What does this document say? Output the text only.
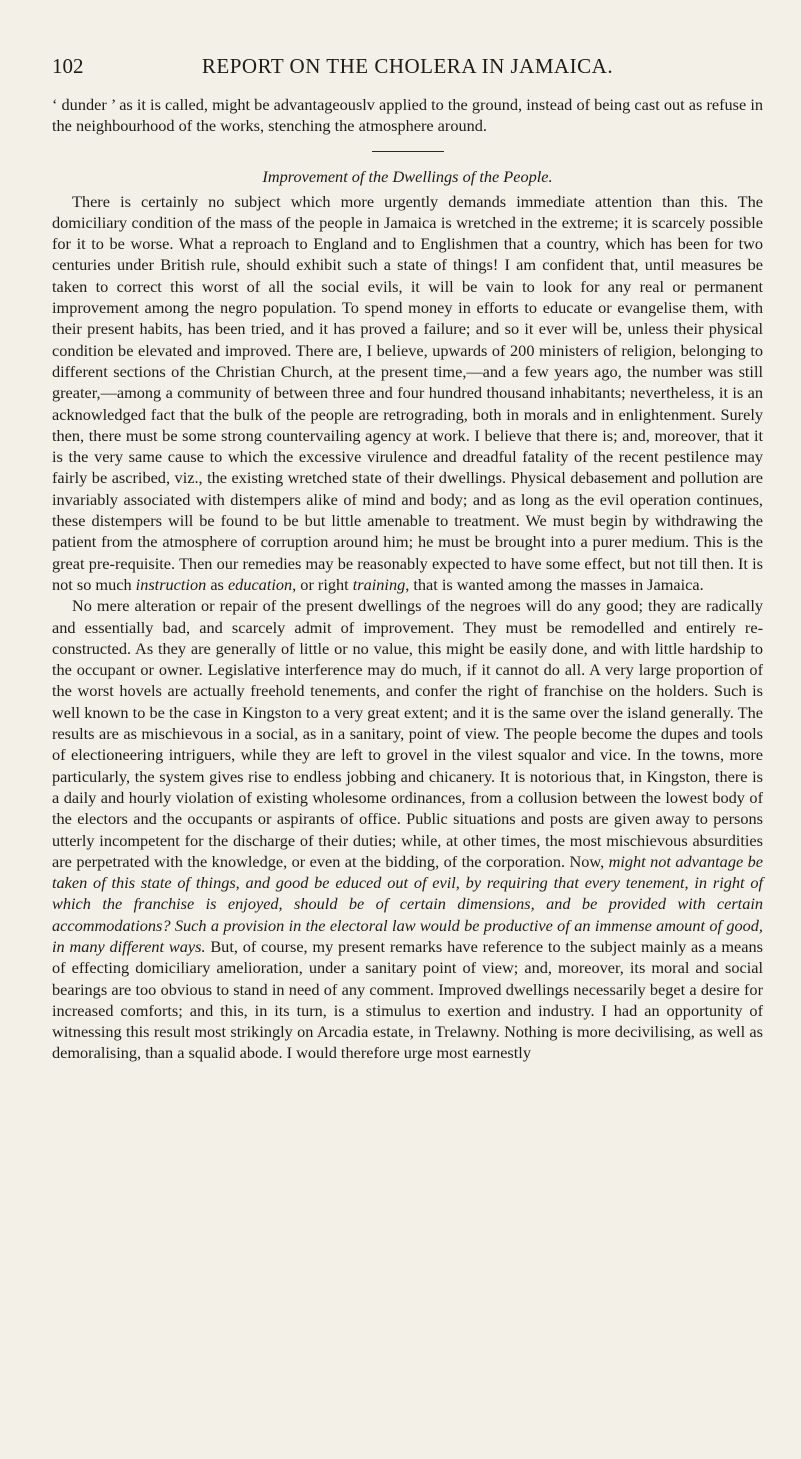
102	REPORT ON THE CHOLERA IN JAMAICA.

‘ dunder ’ as it is called, might be advantageouslv applied to the ground, instead of being cast out as refuse in the neighbourhood of the works, stenching the atmosphere around.

Improvement of the Dwellings of the People.

There is certainly no subject which more urgently demands immediate attention than this. The domiciliary condition of the mass of the people in Jamaica is wretched in the extreme; it is scarcely possible for it to be worse. What a reproach to England and to Englishmen that a country, which has been for two centuries under British rule, should exhibit such a state of things! I am confident that, until measures be taken to correct this worst of all the social evils, it will be vain to look for any real or permanent improvement among the negro population. To spend money in efforts to educate or evangelise them, with their present habits, has been tried, and it has proved a failure; and so it ever will be, unless their physical condition be elevated and improved. There are, I believe, upwards of 200 ministers of religion, belonging to different sections of the Christian Church, at the present time,—and a few years ago, the number was still greater,—among a community of between three and four hundred thousand inhabitants; nevertheless, it is an acknowledged fact that the bulk of the people are retrograding, both in morals and in enlightenment. Surely then, there must be some strong countervailing agency at work. I believe that there is; and, moreover, that it is the very same cause to which the excessive virulence and dreadful fatality of the recent pestilence may fairly be ascribed, viz., the existing wretched state of their dwellings. Physical debasement and pollution are invariably associated with distempers alike of mind and body; and as long as the evil operation continues, these distempers will be found to be but little amenable to treatment. We must begin by withdrawing the patient from the atmosphere of corruption around him; he must be brought into a purer medium. This is the great pre-requisite. Then our remedies may be reasonably expected to have some effect, but not till then. It is not so much instruction as education, or right training, that is wanted among the masses in Jamaica.

No mere alteration or repair of the present dwellings of the negroes will do any good; they are radically and essentially bad, and scarcely admit of improvement. They must be remodelled and entirely re-constructed. As they are generally of little or no value, this might be easily done, and with little hardship to the occupant or owner. Legislative interference may do much, if it cannot do all. A very large proportion of the worst hovels are actually freehold tenements, and confer the right of franchise on the holders. Such is well known to be the case in Kingston to a very great extent; and it is the same over the island generally. The results are as mischievous in a social, as in a sanitary, point of view. The people become the dupes and tools of electioneering intriguers, while they are left to grovel in the vilest squalor and vice. In the towns, more particularly, the system gives rise to endless jobbing and chicanery. It is notorious that, in Kingston, there is a daily and hourly violation of existing wholesome ordinances, from a collusion between the lowest body of the electors and the occupants or aspirants of office. Public situations and posts are given away to persons utterly incompetent for the discharge of their duties; while, at other times, the most mischievous absurdities are perpetrated with the knowledge, or even at the bidding, of the corporation. Now, might not advantage be taken of this state of things, and good be educed out of evil, by requiring that every tenement, in right of which the franchise is enjoyed, should be of certain dimensions, and be provided with certain accommodations? Such a provision in the electoral law would be productive of an immense amount of good, in many different ways. But, of course, my present remarks have reference to the subject mainly as a means of effecting domiciliary amelioration, under a sanitary point of view; and, moreover, its moral and social bearings are too obvious to stand in need of any comment. Improved dwellings necessarily beget a desire for increased comforts; and this, in its turn, is a stimulus to exertion and industry. I had an opportunity of witnessing this result most strikingly on Arcadia estate, in Trelawny. Nothing is more decivilising, as well as demoralising, than a squalid abode. I would therefore urge most earnestly
